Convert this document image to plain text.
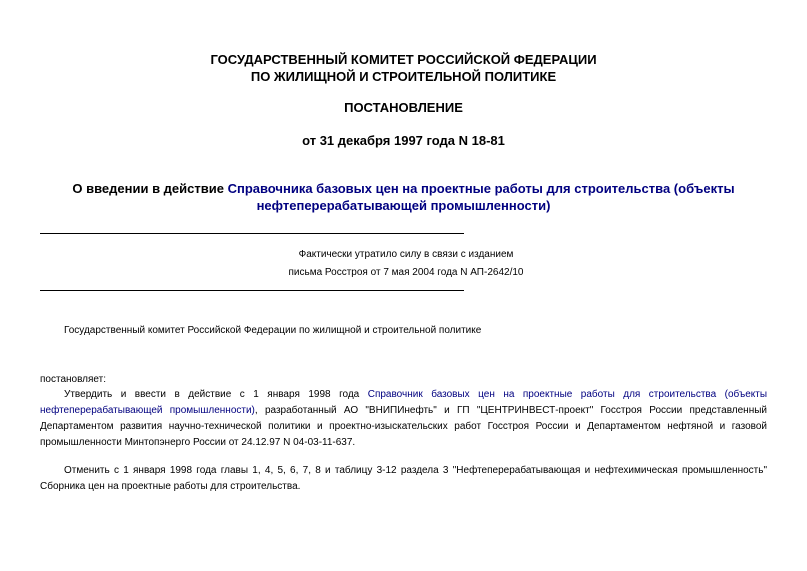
ГОСУДАРСТВЕННЫЙ КОМИТЕТ РОССИЙСКОЙ ФЕДЕРАЦИИ
ПО ЖИЛИЩНОЙ И СТРОИТЕЛЬНОЙ ПОЛИТИКЕ
ПОСТАНОВЛЕНИЕ
от 31 декабря 1997 года N 18-81
О введении в действие Справочника базовых цен на проектные работы для строительства (объекты
нефтеперерабатывающей промышленности)
Фактически утратило силу в связи с изданием
письма Росстроя от 7 мая 2004 года N АП-2642/10
Государственный комитет Российской Федерации по жилищной и строительной политике
постановляет:

Утвердить и ввести в действие с 1 января 1998 года Справочник базовых цен на проектные работы для строительства (объекты нефтеперерабатывающей промышленности), разработанный АО "ВНИПИнефть" и ГП "ЦЕНТРИНВЕСТ-проект" Госстроя России представленный Департаментом развития научно-технической политики и проектно-изыскательских работ Госстроя России и Департаментом нефтяной и газовой промышленности Минтопэнерго России от 24.12.97 N 04-03-11-637.

Отменить с 1 января 1998 года главы 1, 4, 5, 6, 7, 8 и таблицу 3-12 раздела 3 "Нефтеперерабатывающая и нефтехимическая промышленность" Сборника цен на проектные работы для строительства.
